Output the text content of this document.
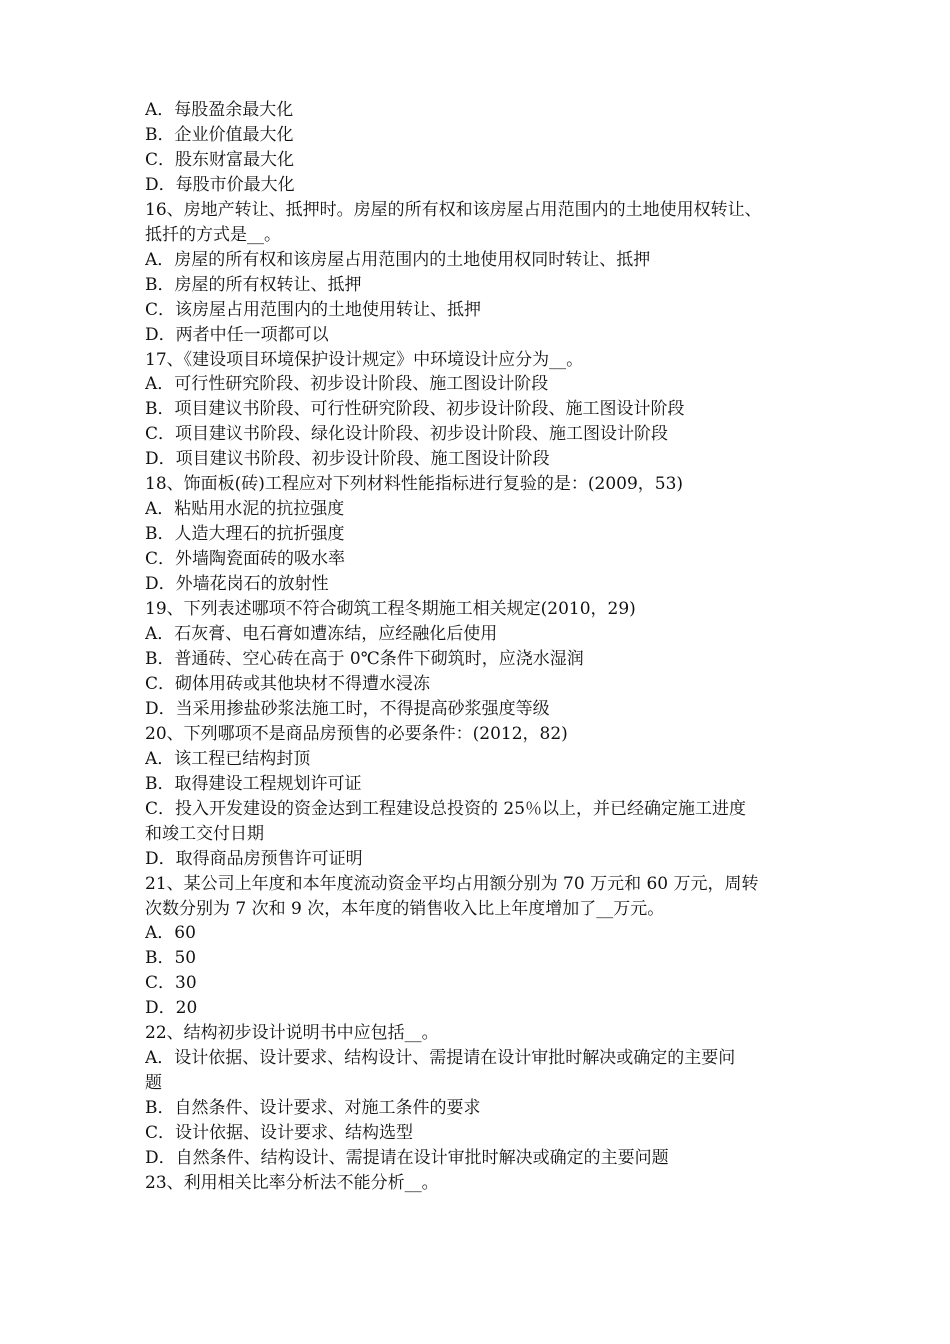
A．每股盈余最大化
B．企业价值最大化
C．股东财富最大化
D．每股市价最大化
16、房地产转让、抵押时。房屋的所有权和该房屋占用范围内的土地使用权转让、
抵扦的方式是__。
A．房屋的所有权和该房屋占用范围内的土地使用权同时转让、抵押
B．房屋的所有权转让、抵押
C．该房屋占用范围内的土地使用转让、抵押
D．两者中任一项都可以
17、《建设项目环境保护设计规定》中环境设计应分为__。
A．可行性研究阶段、初步设计阶段、施工图设计阶段
B．项目建议书阶段、可行性研究阶段、初步设计阶段、施工图设计阶段
C．项目建议书阶段、绿化设计阶段、初步设计阶段、施工图设计阶段
D．项目建议书阶段、初步设计阶段、施工图设计阶段
18、饰面板(砖)工程应对下列材料性能指标进行复验的是：(2009，53)
A．粘贴用水泥的抗拉强度
B．人造大理石的抗折强度
C．外墙陶瓷面砖的吸水率
D．外墙花岗石的放射性
19、下列表述哪项不符合砌筑工程冬期施工相关规定(2010，29)
A．石灰膏、电石膏如遭冻结，应经融化后使用
B．普通砖、空心砖在高于 0℃条件下砌筑时，应浇水湿润
C．砌体用砖或其他块材不得遭水浸冻
D．当采用掺盐砂浆法施工时，不得提高砂浆强度等级
20、下列哪项不是商品房预售的必要条件：(2012，82)
A．该工程已结构封顶
B．取得建设工程规划许可证
C．投入开发建设的资金达到工程建设总投资的 25％以上，并已经确定施工进度
和竣工交付日期
D．取得商品房预售许可证明
21、某公司上年度和本年度流动资金平均占用额分别为 70 万元和 60 万元，周转
次数分别为 7 次和 9 次，本年度的销售收入比上年度增加了__万元。
A．60
B．50
C．30
D．20
22、结构初步设计说明书中应包括__。
A．设计依据、设计要求、结构设计、需提请在设计审批时解决或确定的主要问
题
B．自然条件、设计要求、对施工条件的要求
C．设计依据、设计要求、结构选型
D．自然条件、结构设计、需提请在设计审批时解决或确定的主要问题
23、利用相关比率分析法不能分析__。
